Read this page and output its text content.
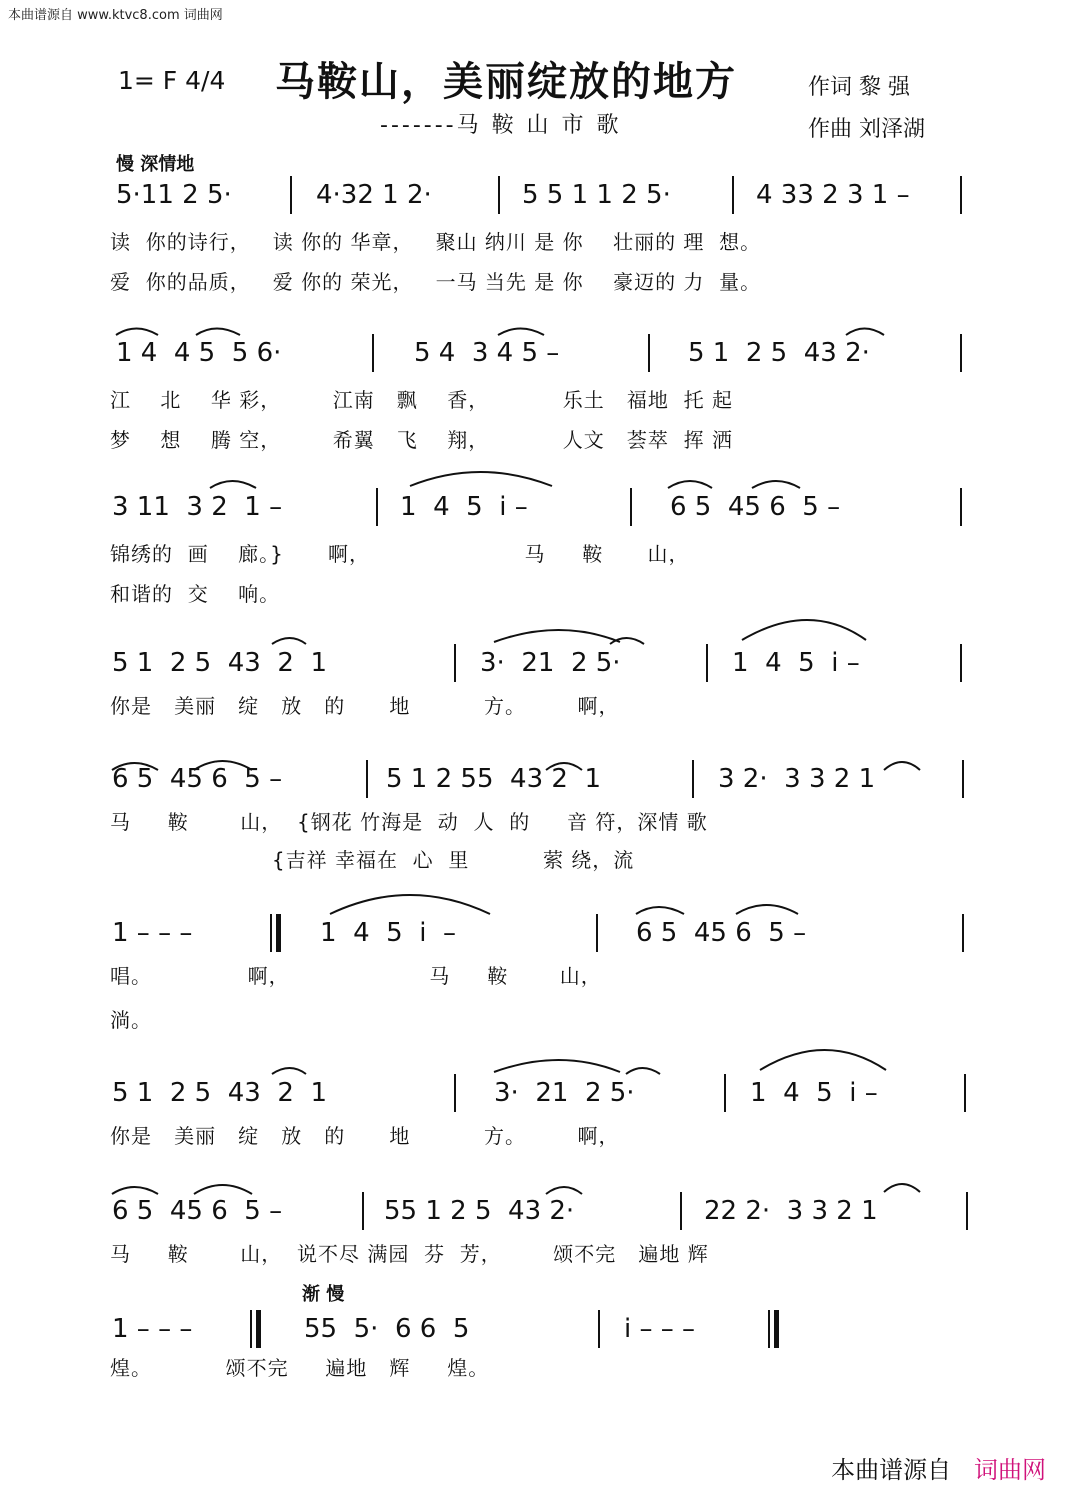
本曲谱源自 www.ktvc8.com 词曲网
1= F 4/4 马鞍山，美丽绽放的地方
-------马 鞍 山 市 歌
作词 黎 强
作曲 刘泽湖
慢 深情地
渐 慢
5·11 2 5·	4·32 1 2·	5 5 1 1 2 5·	4 33 2 3 1 –
读  你的诗行，   读 你的 华章，   聚山 纳川 是 你    壮丽的 理  想。
爱  你的品质，   爱 你的 荣光，   一马 当先 是 你    豪迈的 力  量。
1 4  4 5  5 6·	5 4  3 4 5 –	5 1  2 5  43 2·
江    北    华 彩，       江南   飘    香，          乐土   福地  托 起
梦    想    腾 空，       希翼   飞    翔，          人文   荟萃  挥 洒
3 11  3 2  1 –	1  4  5  i –	6 5  45 6  5 –
锦绣的  画    廊。}      啊，                     马     鞍      山，
和谐的  交    响。
5 1  2 5  43  2  1	3·  21  2 5·	1  4  5  i –
你是   美丽   绽   放   的      地          方。       啊，
6 5  45 6  5 –	5 1 2 55  43 2  1	3 2·  3 3 2 1
马     鞍       山，  {钢花 竹海是  动  人  的     音 符，深情 歌
{吉祥 幸福在  心  里          萦 绕，流
1 – – –	1  4  5  i  –	6 5  45 6  5 –
唱。             啊，                   马     鞍       山，
淌。
5 1  2 5  43  2  1	3·  21  2 5·	1  4  5  i –
你是   美丽   绽   放   的      地          方。       啊，
6 5  45 6  5 –	55 1 2 5  43 2·	22 2·  3 3 2 1
马     鞍       山，  说不尽 满园  芬  芳，       颂不完   遍地 辉
1 – – –	55  5·  6 6  5	i – – –
煌。          颂不完     遍地   辉     煌。
本曲谱源自 词曲网
